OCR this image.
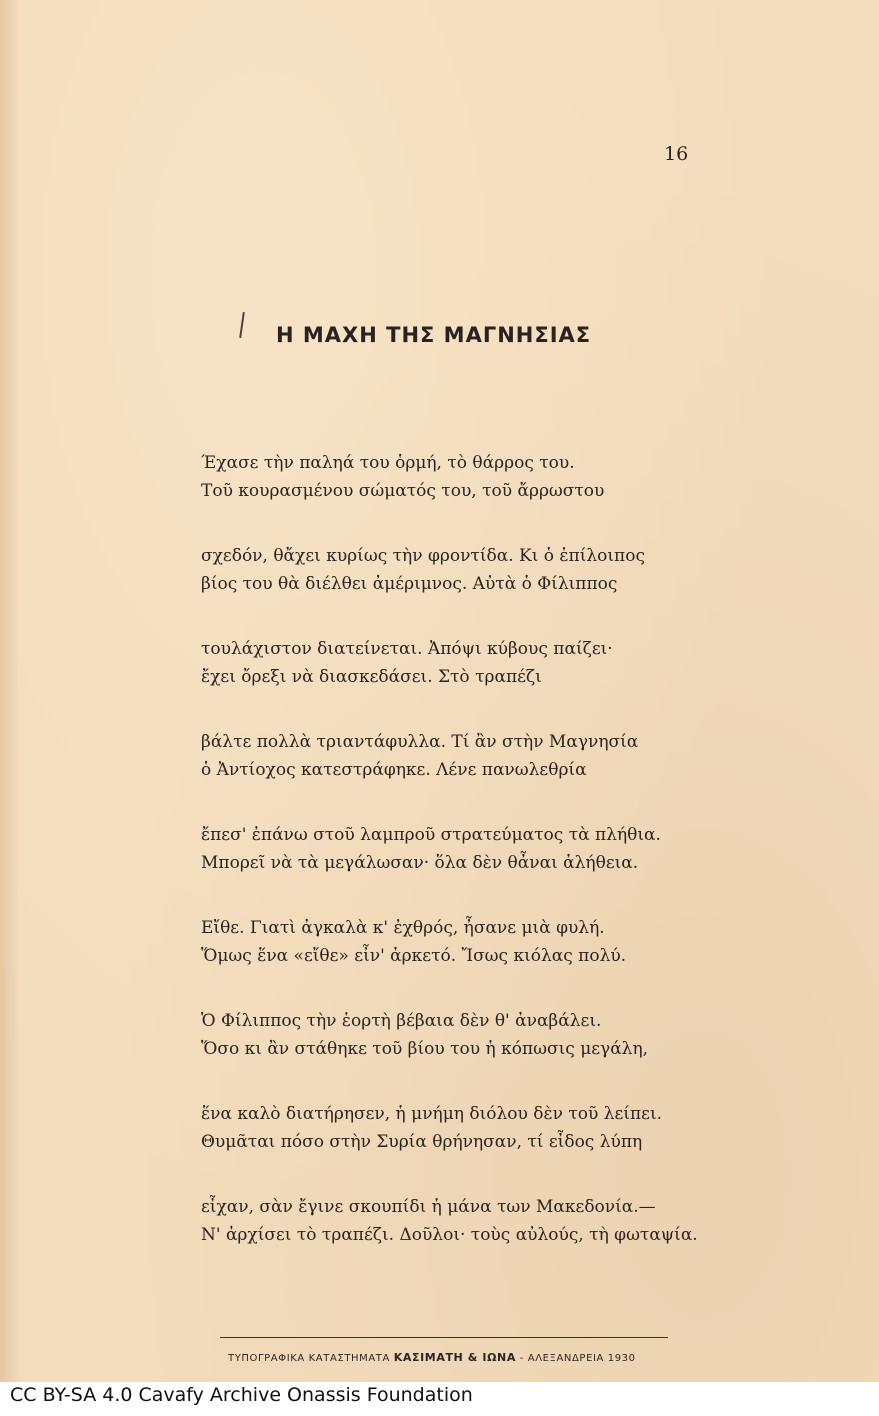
16
Η ΜΑΧΗ ΤΗΣ ΜΑΓΝΗΣΙΑΣ
Έχασε τὴν παληά του ὁρμή, τὸ θάρρος του.
Τοῦ κουρασμένου σώματός του, τοῦ ἄρρωστου
σχεδόν, θἄχει κυρίως τὴν φροντίδα. Κι ὁ ἐπίλοιπος
βίος του θὰ διέλθει ἀμέριμνος. Αὐτὰ ὁ Φίλιππος
τουλάχιστον διατείνεται. Ἀπόψι κύβους παίζει·
ἔχει ὄρεξι νὰ διασκεδάσει. Στὸ τραπέζι
βάλτε πολλὰ τριαντάφυλλα. Τί ἂν στὴν Μαγνησία
ὁ Ἀντίοχος κατεστράφηκε. Λένε πανωλεθρία
ἔπεσ' ἐπάνω στοῦ λαμπροῦ στρατεύματος τὰ πλήθια.
Μπορεῖ νὰ τὰ μεγάλωσαν· ὅλα δὲν θἆναι ἀλήθεια.
Εἴθε. Γιατὶ ἀγκαλὰ κ' ἐχθρός, ἦσανε μιὰ φυλή.
Ὅμως ἕνα «εἴθε» εἶν' ἀρκετό. Ἴσως κιόλας πολύ.
Ὁ Φίλιππος τὴν ἑορτὴ βέβαια δὲν θ' ἀναβάλει.
Ὅσο κι ἂν στάθηκε τοῦ βίου του ἡ κόπωσις μεγάλη,
ἕνα καλὸ διατήρησεν, ἡ μνήμη διόλου δὲν τοῦ λείπει.
Θυμᾶται πόσο στὴν Συρία θρήνησαν, τί εἶδος λύπη
εἶχαν, σὰν ἔγινε σκουπίδι ἡ μάνα των Μακεδονία.—
Ν' ἀρχίσει τὸ τραπέζι. Δοῦλοι· τοὺς αὐλούς, τὴ φωταψία.
ΤΥΠΟΓΡΑΦΙΚΑ ΚΑΤΑΣΤΗΜΑΤΑ ΚΑΣΙΜΑΤΗ & ΙΩΝΑ - ΑΛΕΞΑΝΔΡΕΙΑ 1930
CC BY-SA 4.0 Cavafy Archive Onassis Foundation
